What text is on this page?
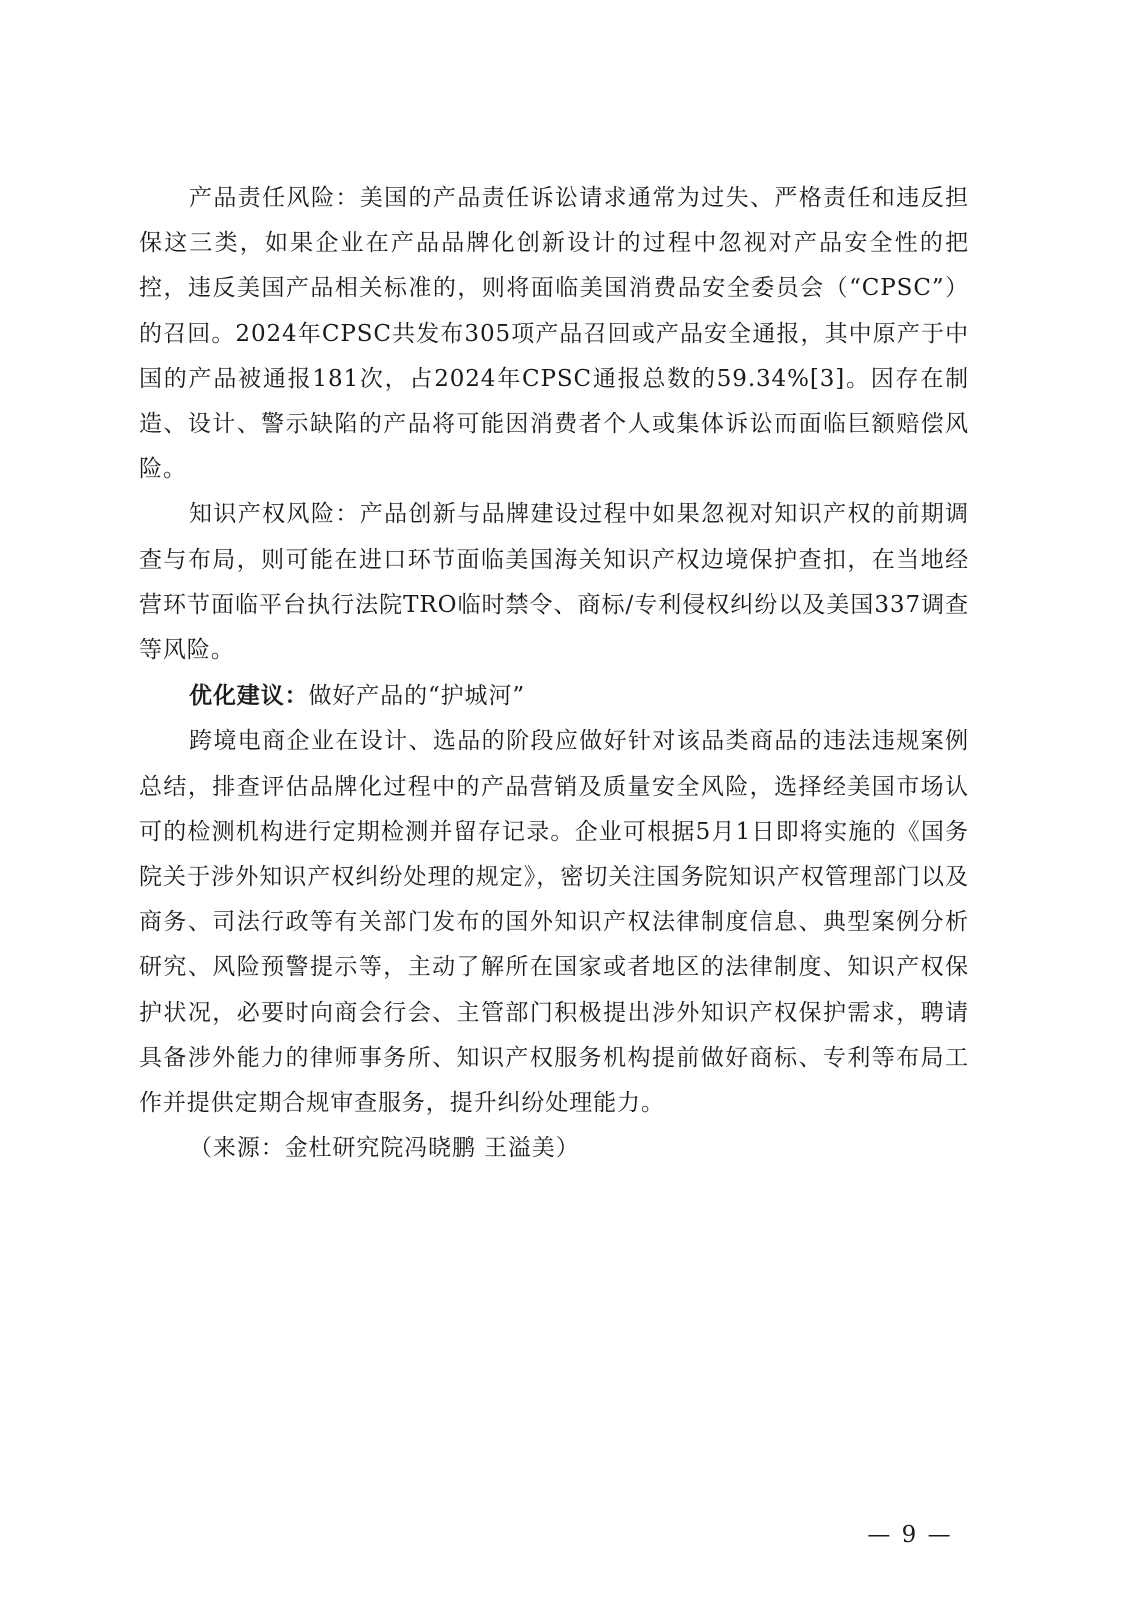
产品责任风险：美国的产品责任诉讼请求通常为过失、严格责任和违反担保这三类，如果企业在产品品牌化创新设计的过程中忽视对产品安全性的把控，违反美国产品相关标准的，则将面临美国消费品安全委员会（“CPSC”）的召回。2024年CPSC共发布305项产品召回或产品安全通报，其中原产于中国的产品被通报181次，占2024年CPSC通报总数的59.34%[3]。因存在制造、设计、警示缺陷的产品将可能因消费者个人或集体诉讼而面临巨额赔偿风险。

知识产权风险：产品创新与品牌建设过程中如果忽视对知识产权的前期调查与布局，则可能在进口环节面临美国海关知识产权边境保护查扣，在当地经营环节面临平台执行法院TRO临时禁令、商标/专利侵权纠纷以及美国337调查等风险。

优化建议：做好产品的“护城河”

跨境电商企业在设计、选品的阶段应做好针对该品类商品的违法违规案例总结，排查评估品牌化过程中的产品营销及质量安全风险，选择经美国市场认可的检测机构进行定期检测并留存记录。企业可根据5月1日即将实施的《国务院关于涉外知识产权纠纷处理的规定》，密切关注国务院知识产权管理部门以及商务、司法行政等有关部门发布的国外知识产权法律制度信息、典型案例分析研究、风险预警提示等，主动了解所在国家或者地区的法律制度、知识产权保护状况，必要时向商会行会、主管部门积极提出涉外知识产权保护需求，聘请具备涉外能力的律师事务所、知识产权服务机构提前做好商标、专利等布局工作并提供定期合规审查服务，提升纠纷处理能力。

（来源：金杜研究院冯晓鹏 王溢美）

— 9 —
